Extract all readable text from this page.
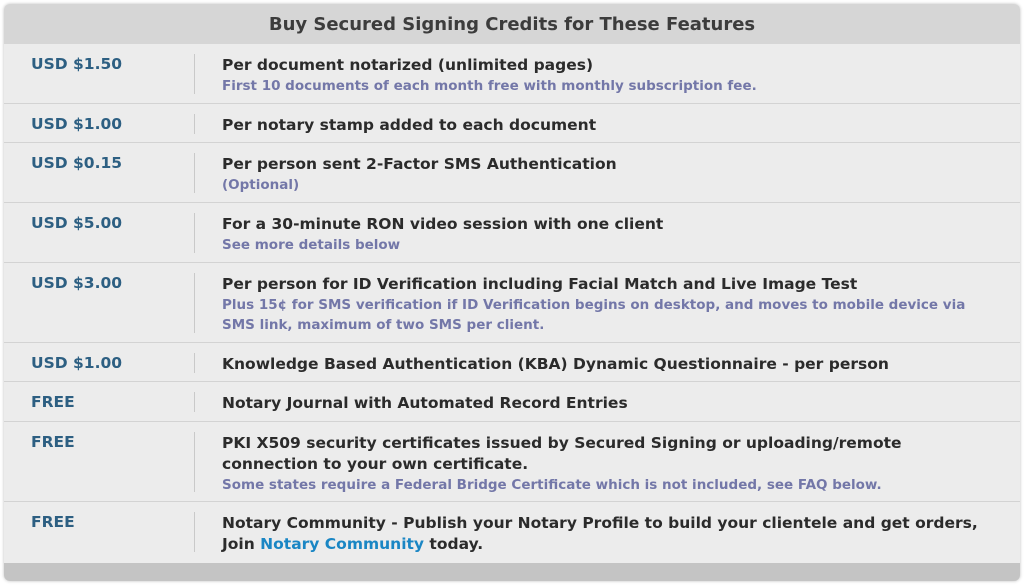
Buy Secured Signing Credits for These Features
USD $1.50	Per document notarized (unlimited pages)
First 10 documents of each month free with monthly subscription fee.
USD $1.00	Per notary stamp added to each document
USD $0.15	Per person sent 2-Factor SMS Authentication
(Optional)
USD $5.00	For a 30-minute RON video session with one client
See more details below
USD $3.00	Per person for ID Verification including Facial Match and Live Image Test
Plus 15¢ for SMS verification if ID Verification begins on desktop, and moves to mobile device via SMS link, maximum of two SMS per client.
USD $1.00	Knowledge Based Authentication (KBA) Dynamic Questionnaire - per person
FREE	Notary Journal with Automated Record Entries
FREE	PKI X509 security certificates issued by Secured Signing or uploading/remote connection to your own certificate.
Some states require a Federal Bridge Certificate which is not included, see FAQ below.
FREE	Notary Community - Publish your Notary Profile to build your clientele and get orders, Join Notary Community today.
